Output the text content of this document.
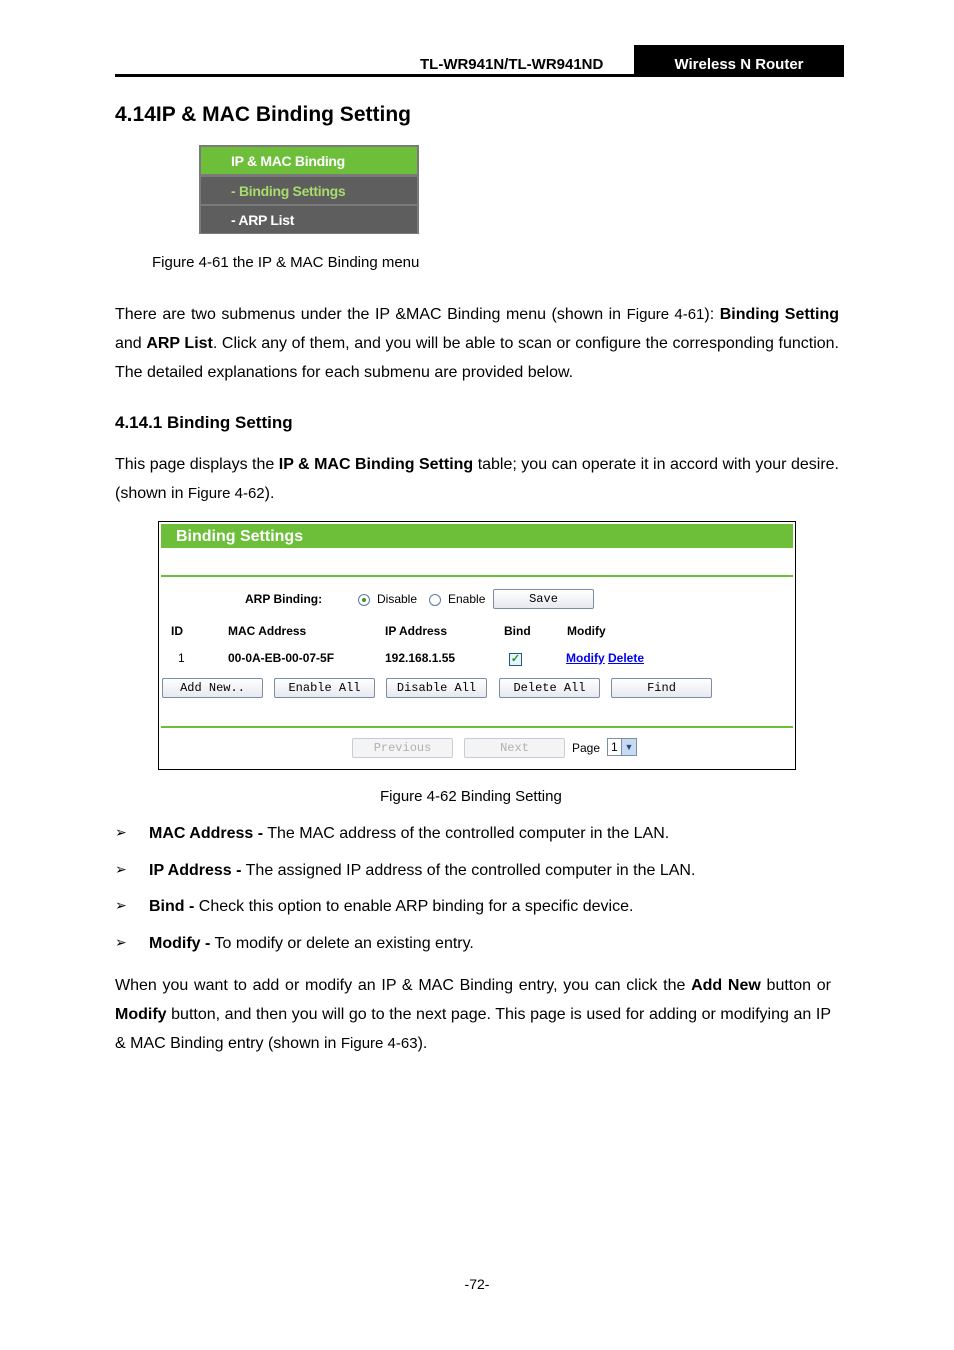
TL-WR941N/TL-WR941ND	Wireless N Router
4.14IP & MAC Binding Setting
IP & MAC Binding
- Binding Settings
- ARP List
Figure 4-61 the IP & MAC Binding menu

There are two submenus under the IP &MAC Binding menu (shown in Figure 4-61): Binding Setting and ARP List. Click any of them, and you will be able to scan or configure the corresponding function. The detailed explanations for each submenu are provided below.

4.14.1 Binding Setting

This page displays the IP & MAC Binding Setting table; you can operate it in accord with your desire. (shown in Figure 4-62).

Binding Settings
ARP Binding:	Disable	Enable	Save
ID	MAC Address	IP Address	Bind	Modify
1	00-0A-EB-00-07-5F	192.168.1.55	✓	Modify Delete
Add New..	Enable All	Disable All	Delete All	Find
Previous	Next	Page 1 ▼
Figure 4-62 Binding Setting
➢ MAC Address - The MAC address of the controlled computer in the LAN.
➢ IP Address - The assigned IP address of the controlled computer in the LAN.
➢ Bind - Check this option to enable ARP binding for a specific device.
➢ Modify - To modify or delete an existing entry.

When you want to add or modify an IP & MAC Binding entry, you can click the Add New button or Modify button, and then you will go to the next page. This page is used for adding or modifying an IP & MAC Binding entry (shown in Figure 4-63).

-72-
